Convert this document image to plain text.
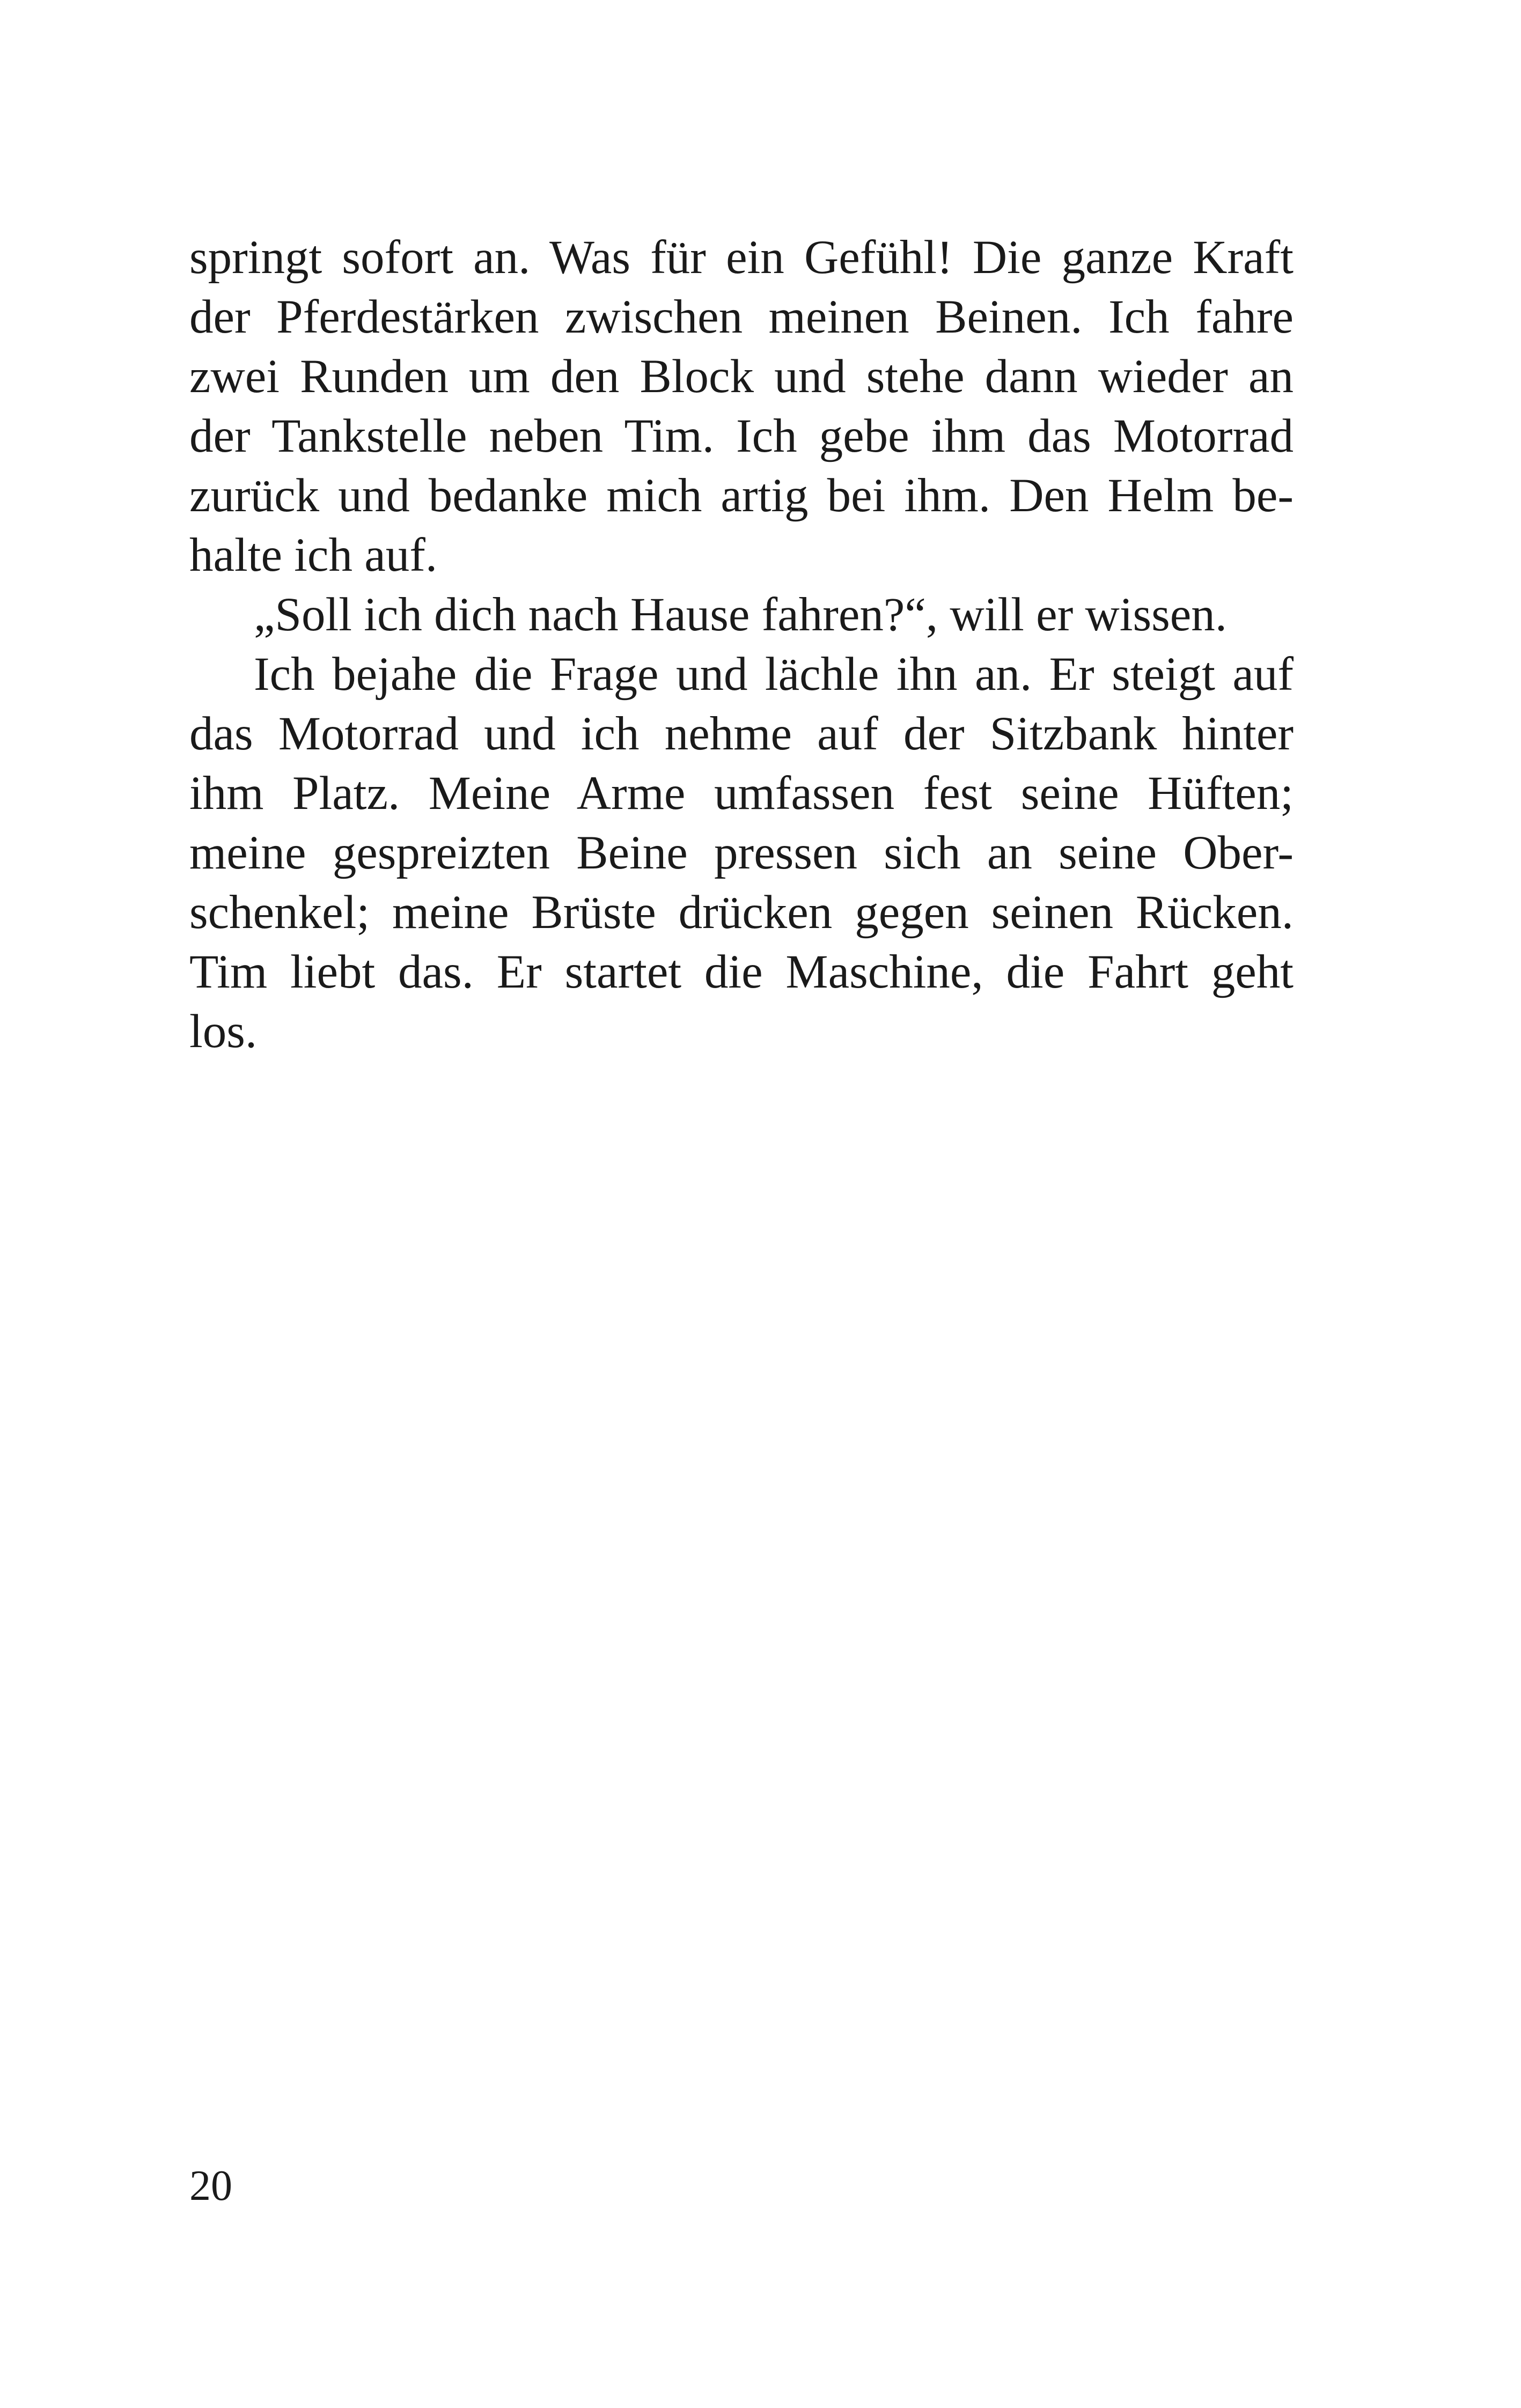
springt sofort an. Was für ein Gefühl! Die ganze Kraft
der Pferdestärken zwischen meinen Beinen. Ich fahre
zwei Runden um den Block und stehe dann wieder an
der Tankstelle neben Tim. Ich gebe ihm das Motorrad
zurück und bedanke mich artig bei ihm. Den Helm be-
halte ich auf.
„Soll ich dich nach Hause fahren?“, will er wissen.
Ich bejahe die Frage und lächle ihn an. Er steigt auf
das Motorrad und ich nehme auf der Sitzbank hinter
ihm Platz. Meine Arme umfassen fest seine Hüften;
meine gespreizten Beine pressen sich an seine Ober-
schenkel; meine Brüste drücken gegen seinen Rücken.
Tim liebt das. Er startet die Maschine, die Fahrt geht
los.
20
